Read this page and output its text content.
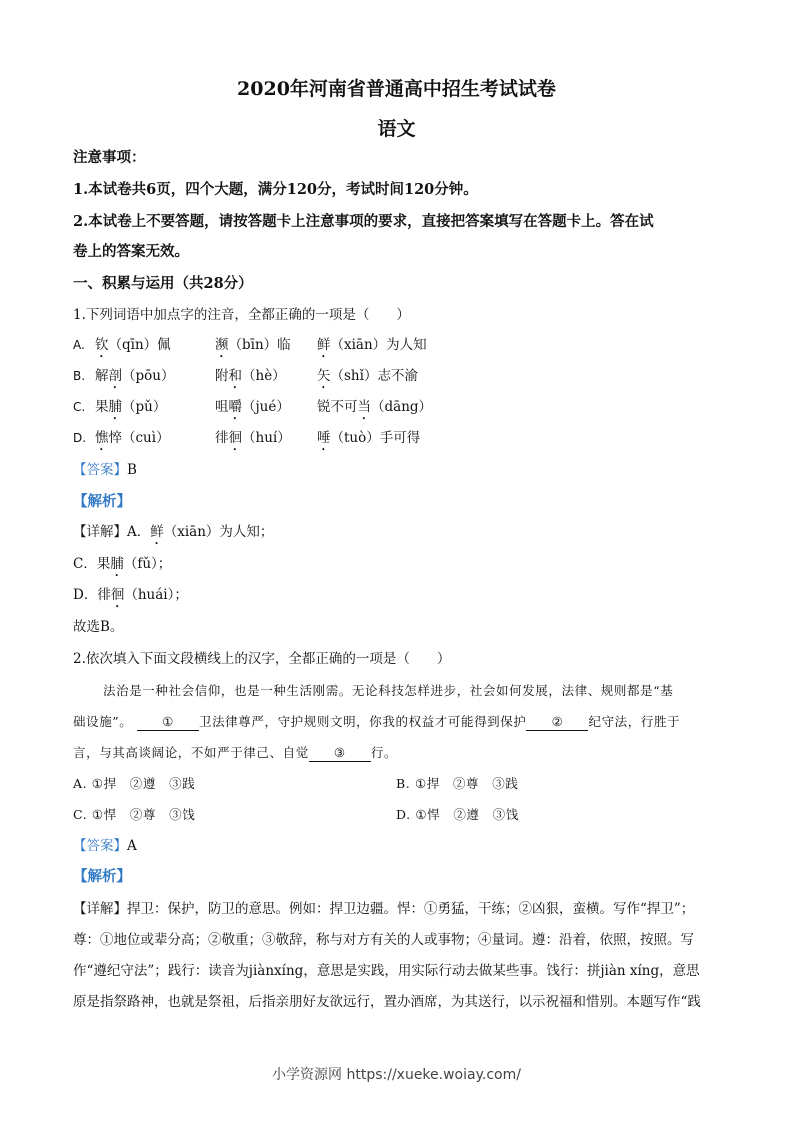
2020年河南省普通高中招生考试试卷
语文
注意事项：
1.本试卷共6页，四个大题，满分120分，考试时间120分钟。
2.本试卷上不要答题，请按答题卡上注意事项的要求，直接把答案填写在答题卡上。答在试
卷上的答案无效。
一、积累与运用（共28分）
1.下列词语中加点字的注音，全都正确的一项是（　　）
A. 钦（qīn）佩	濒（bīn）临 鲜（xiān）为人知
B. 解剖（pōu）	附和（hè） 矢（shǐ）志不渝
C. 果脯（pǔ）	咀嚼（jué） 锐不可当（dāng）
D. 憔悴（cuì）	徘徊（huí） 唾（tuò）手可得
【答案】B
【解析】
【详解】A．鲜（xiān）为人知；
C．果脯（fǔ）；
D．徘徊（huái）；
故选B。
2.依次填入下面文段横线上的汉字，全都正确的一项是（　　）
法治是一种社会信仰，也是一种生活刚需。无论科技怎样进步，社会如何发展，法律、规则都是“基
础设施”。 ① 卫法律尊严，守护规则文明，你我的权益才可能得到保护 ② 纪守法，行胜于
言，与其高谈阔论，不如严于律己、自觉 ③ 行。
A. ①捍　②遵　③践	B. ①捍　②尊　③践
C. ①悍　②尊　③饯	D. ①悍　②遵　③饯
【答案】A
【解析】
【详解】捍卫：保护，防卫的意思。例如：捍卫边疆。悍：①勇猛，干练；②凶狠，蛮横。写作“捍卫”；
尊：①地位或辈分高；②敬重；③敬辞，称与对方有关的人或事物；④量词。遵：沿着，依照，按照。写
作“遵纪守法”；践行：读音为jiànxíng，意思是实践，用实际行动去做某些事。饯行：拼jiàn xíng，意思
原是指祭路神，也就是祭祖，后指亲朋好友欲远行，置办酒席，为其送行，以示祝福和惜别。本题写作“践
小学资源网 https://xueke.woiay.com/
